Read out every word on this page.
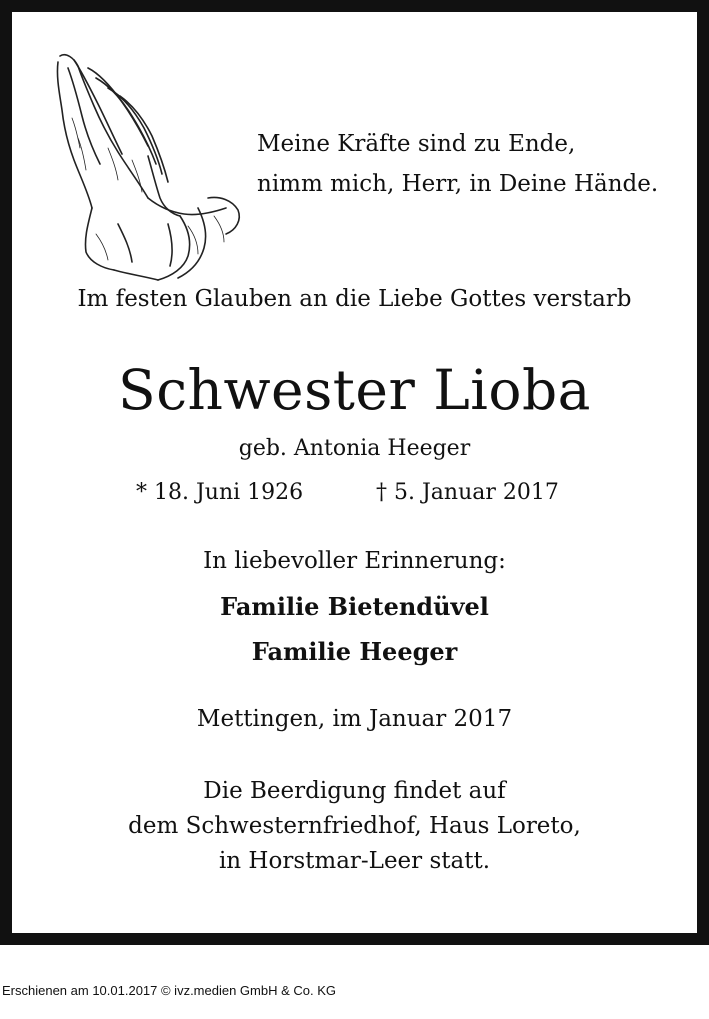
Meine Kräfte sind zu Ende,
nimm mich, Herr, in Deine Hände.
Im festen Glauben an die Liebe Gottes verstarb
Schwester Lioba
geb. Antonia Heeger
* 18. Juni 1926	† 5. Januar 2017
In liebevoller Erinnerung:
Familie Bietendüvel
Familie Heeger
Mettingen, im Januar 2017
Die Beerdigung findet auf
dem Schwesternfriedhof, Haus Loreto,
in Horstmar-Leer statt.
Erschienen am 10.01.2017 © ivz.medien GmbH & Co. KG
